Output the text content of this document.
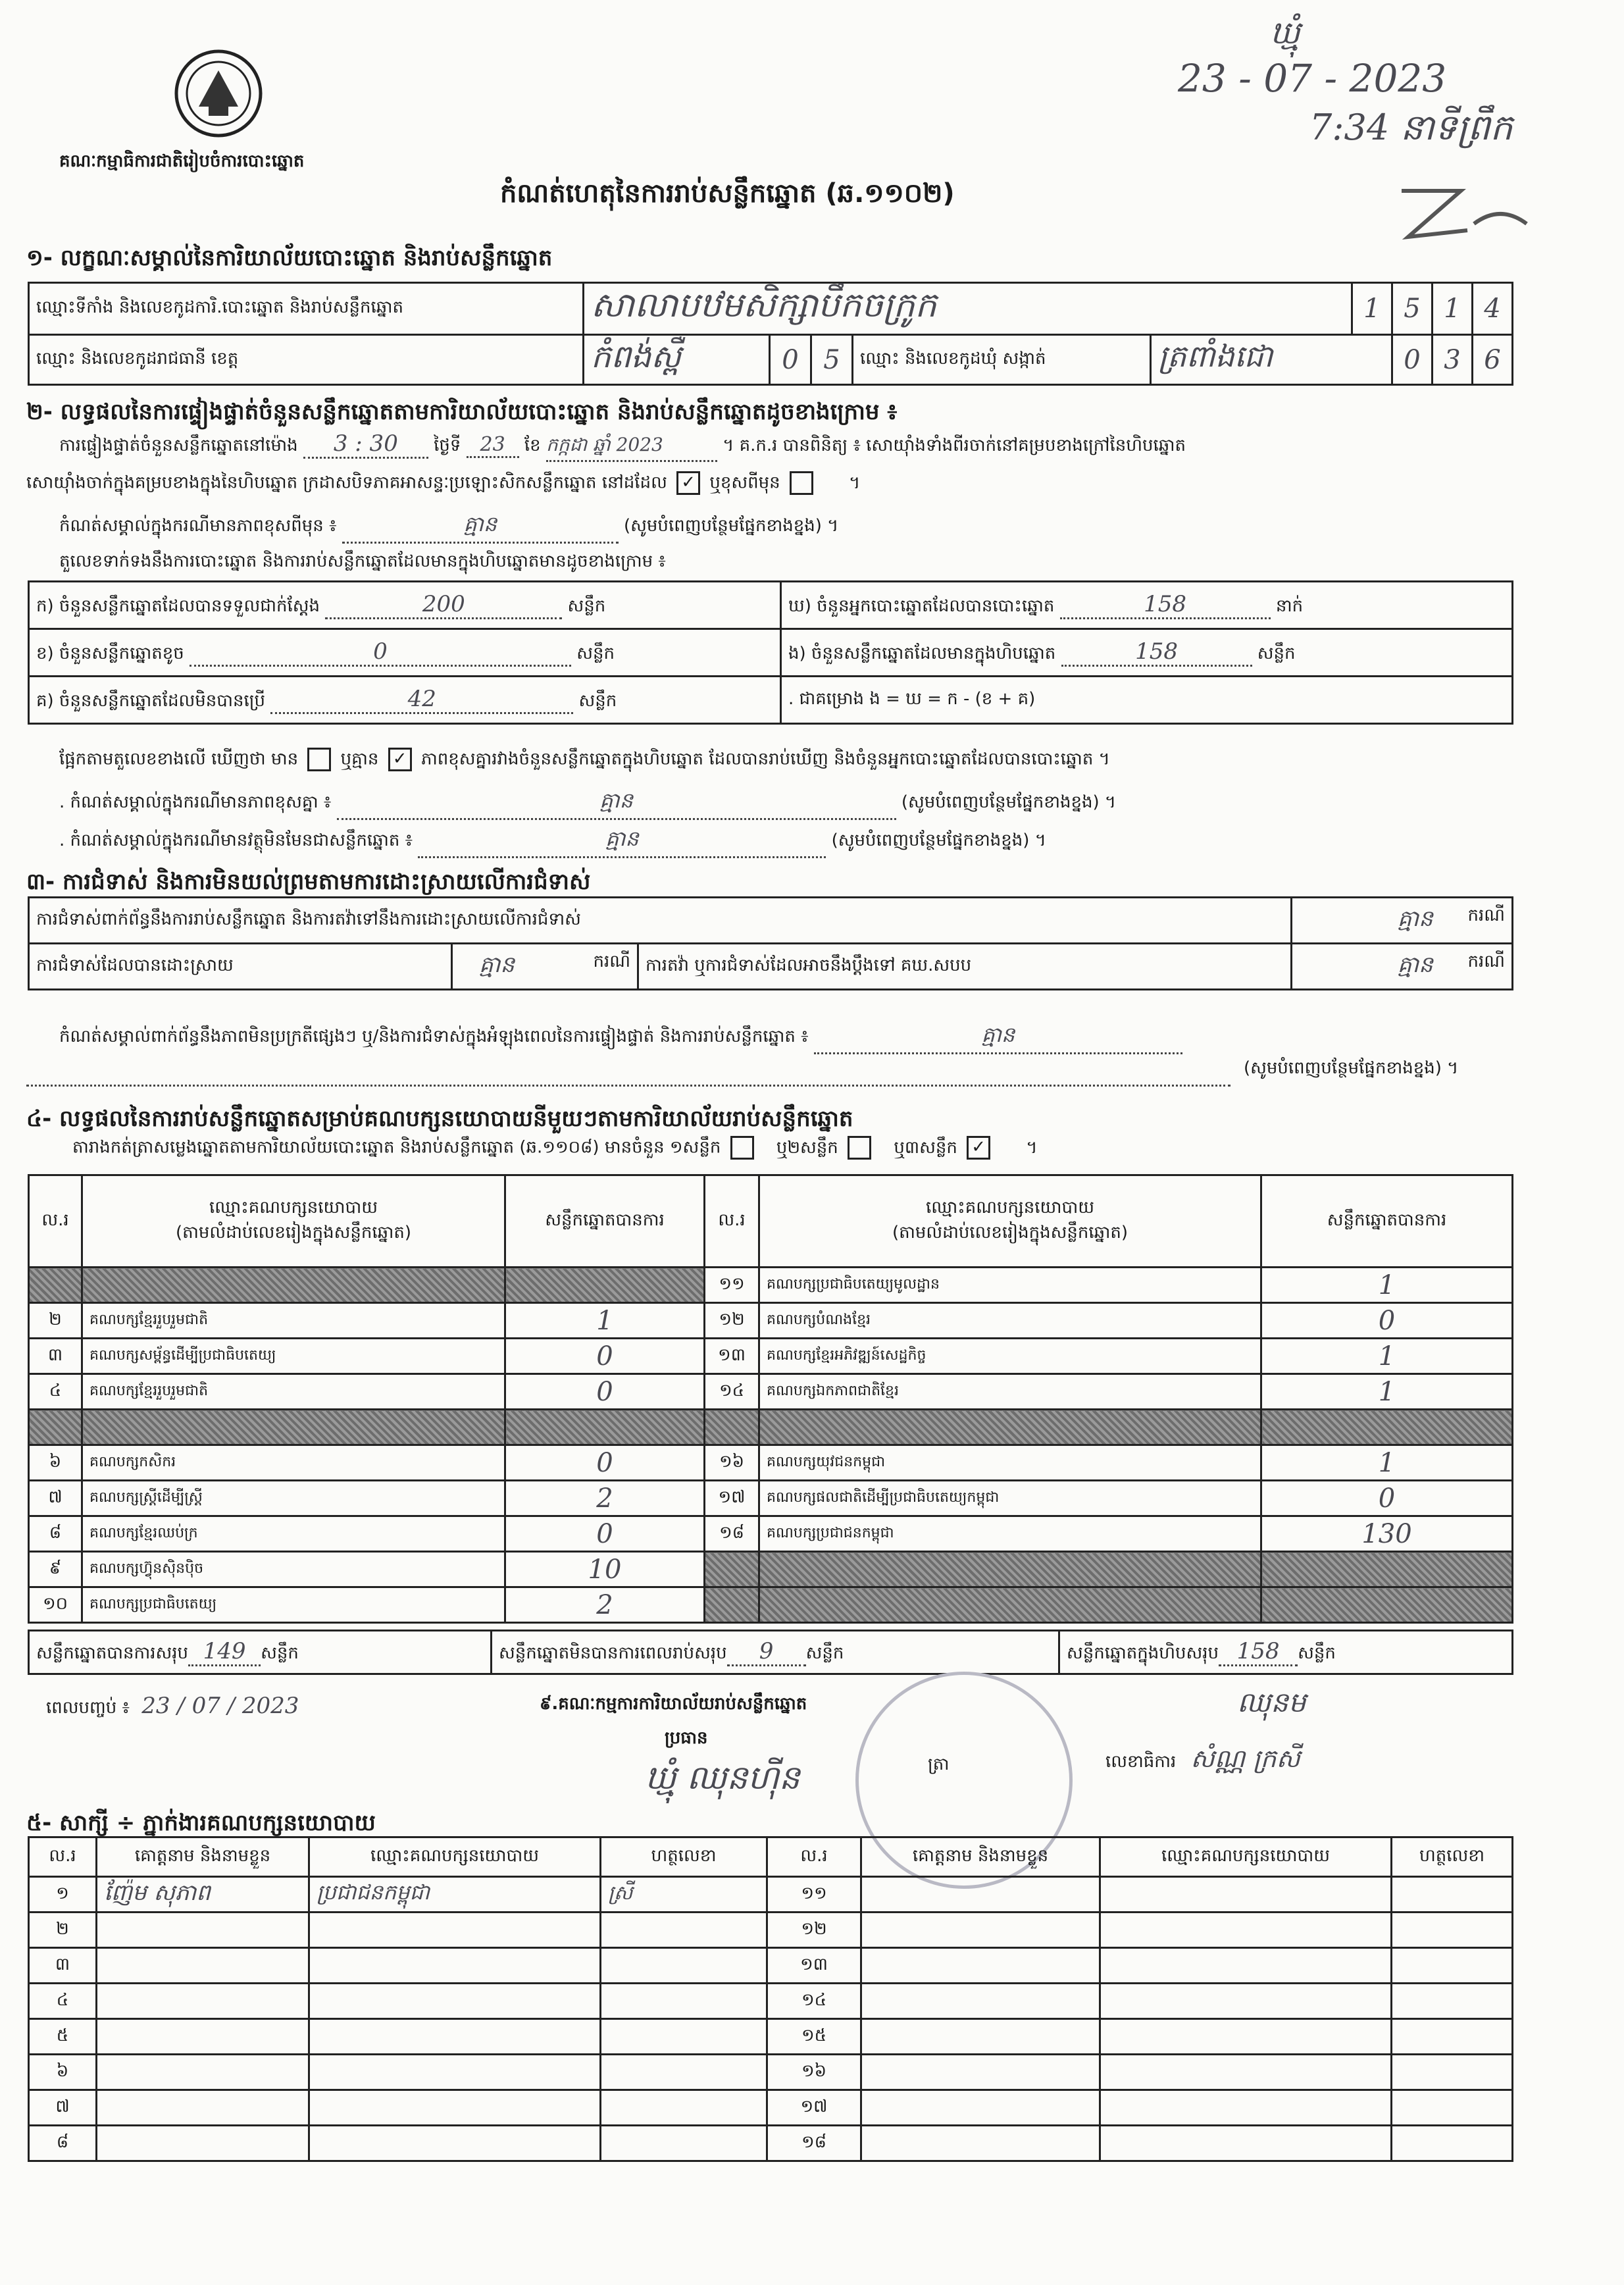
គណៈកម្មាធិការជាតិរៀបចំការបោះឆ្នោត
ឃ្មុំ
23 - 07 - 2023
7:34 នាទីព្រឹក
កំណត់ហេតុនៃការរាប់សន្លឹកឆ្នោត (ឆ.១១០២)
១- លក្ខណៈសម្គាល់នៃការិយាល័យបោះឆ្នោត និងរាប់សន្លឹកឆ្នោត
ឈ្មោះទីកាំង និងលេខកូដការិ.បោះឆ្នោត និងរាប់សន្លឹកឆ្នោត	សាលាបឋមសិក្សាបឹកចក្រូក					1	5	1	4
ឈ្មោះ និងលេខកូដរាជធានី ខេត្ត	កំពង់ស្ពឺ	0	5	ឈ្មោះ និងលេខកូដឃុំ សង្កាត់	ត្រពាំងជោ		0	3	6
២- លទ្ធផលនៃការផ្ទៀងផ្ទាត់ចំនួនសន្លឹកឆ្នោតតាមការិយាល័យបោះឆ្នោត និងរាប់សន្លឹកឆ្នោតដូចខាងក្រោម ៖
ការផ្ទៀងផ្ទាត់ចំនួនសន្លឹកឆ្នោតនៅម៉ោង 3 : 30 ថ្ងៃទី 23 ខែ កក្កដា ឆ្នាំ 2023	។ គ.ក.រ បានពិនិត្យ ៖ សោយ៉ាំងទាំងពីរចាក់នៅគម្របខាងក្រៅនៃហិបឆ្នោត
សោយ៉ាំងចាក់ក្នុងគម្របខាងក្នុងនៃហិបឆ្នោត ក្រដាសបិទភាគអាសន្ទៈប្រឡោះសិកសន្លឹកឆ្នោត នៅដដែល ✓ ឬខុសពីមុន	។
កំណត់សម្គាល់ក្នុងករណីមានភាពខុសពីមុន ៖	គ្មាន	(សូមបំពេញបន្ថែមផ្នែកខាងខ្នង) ។
តួលេខទាក់ទងនឹងការបោះឆ្នោត និងការរាប់សន្លឹកឆ្នោតដែលមានក្នុងហិបឆ្នោតមានដូចខាងក្រោម ៖
ក) ចំនួនសន្លឹកឆ្នោតដែលបានទទួលជាក់ស្តែង 200 សន្លឹក	ឃ) ចំនួនអ្នកបោះឆ្នោតដែលបានបោះឆ្នោត 158 នាក់
ខ) ចំនួនសន្លឹកឆ្នោតខូច 0 សន្លឹក	ង) ចំនួនសន្លឹកឆ្នោតដែលមានក្នុងហិបឆ្នោត 158 សន្លឹក
គ) ចំនួនសន្លឹកឆ្នោតដែលមិនបានប្រើ 42 សន្លឹក	. ជាគម្រោង ង = ឃ = ក - (ខ + គ)
ផ្អែកតាមតួលេខខាងលើ ឃើញថា មាន ឬគ្មាន ✓ ភាពខុសគ្នារវាងចំនួនសន្លឹកឆ្នោតក្នុងហិបឆ្នោត ដែលបានរាប់ឃើញ និងចំនួនអ្នកបោះឆ្នោតដែលបានបោះឆ្នោត ។
. កំណត់សម្គាល់ក្នុងករណីមានភាពខុសគ្នា ៖	គ្មាន	(សូមបំពេញបន្ថែមផ្នែកខាងខ្នង) ។
. កំណត់សម្គាល់ក្នុងករណីមានវត្ថុមិនមែនជាសន្លឹកឆ្នោត ៖	គ្មាន	(សូមបំពេញបន្ថែមផ្នែកខាងខ្នង) ។
៣- ការជំទាស់ និងការមិនយល់ព្រមតាមការដោះស្រាយលើការជំទាស់
ការជំទាស់ពាក់ព័ន្ធនឹងការរាប់សន្លឹកឆ្នោត និងការតវ៉ាទៅនឹងការដោះស្រាយលើការជំទាស់			គ្មាន ករណី

ការជំទាស់ដែលបានដោះស្រាយ	គ្មាន ករណី	ការតវ៉ា ឬការជំទាស់ដែលអាចនឹងប្តឹងទៅ គឃ.សបប	គ្មាន ករណី
កំណត់សម្គាល់ពាក់ព័ន្ធនឹងភាពមិនប្រក្រតីផ្សេងៗ ឬ/និងការជំទាស់ក្នុងអំឡុងពេលនៃការផ្ទៀងផ្ទាត់ និងការរាប់សន្លឹកឆ្នោត ៖	គ្មាន
(សូមបំពេញបន្ថែមផ្នែកខាងខ្នង) ។
៤- លទ្ធផលនៃការរាប់សន្លឹកឆ្នោតសម្រាប់គណបក្សនយោបាយនីមួយៗតាមការិយាល័យរាប់សន្លឹកឆ្នោត
តារាងកត់ត្រាសម្លេងឆ្នោតតាមការិយាល័យបោះឆ្នោត និងរាប់សន្លឹកឆ្នោត (ឆ.១១០៨) មានចំនួន ១សន្លឹក	ឬ២សន្លឹក	ឬ៣សន្លឹក ✓ ។
ល.រ	ឈ្មោះគណបក្សនយោបាយ
(តាមលំដាប់លេខរៀងក្នុងសន្លឹកឆ្នោត)	សន្លឹកឆ្នោតបានការ	ល.រ	ឈ្មោះគណបក្សនយោបាយ
(តាមលំដាប់លេខរៀងក្នុងសន្លឹកឆ្នោត)	សន្លឹកឆ្នោតបានការ
			១១	គណបក្សប្រជាធិបតេយ្យមូលដ្ឋាន	1
២	គណបក្សខ្មែររួបរួមជាតិ	1	១២	គណបក្សបំណងខ្មែរ	0
៣	គណបក្សសម្ព័ន្ធដើម្បីប្រជាធិបតេយ្យ	0	១៣	គណបក្សខ្មែរអភិវឌ្ឍន៍សេដ្ឋកិច្ច	1
៤	គណបក្សខ្មែររួបរួមជាតិ	0	១៤	គណបក្សឯកភាពជាតិខ្មែរ	1

៦	គណបក្សកសិករ	0	១៦	គណបក្សយុវជនកម្ពុជា	1
៧	គណបក្សស្ត្រីដើម្បីស្ត្រី	2	១៧	គណបក្សផលជាតិដើម្បីប្រជាធិបតេយ្យកម្ពុជា	0
៨	គណបក្សខ្មែរឈប់ក្រ	0	១៨	គណបក្សប្រជាជនកម្ពុជា	130
៩	គណបក្សហ៊្វុនស៊ិនប៉ិច	10			
១០	គណបក្សប្រជាធិបតេយ្យ	2			
សន្លឹកឆ្នោតបានការសរុប 149 សន្លឹក	សន្លឹកឆ្នោតមិនបានការពេលរាប់សរុប 9 សន្លឹក	សន្លឹកឆ្នោតក្នុងហិបសរុប 158 សន្លឹក
ពេលបញ្ចប់ ៖ 23 / 07 / 2023	៩.គណៈកម្មការការិយាល័យរាប់សន្លឹកឆ្នោត	ឈុនម
ប្រធាន
ឃ្មុំ ឈុនហ៊ីន	ត្រា	លេខាធិការ សំណ្ណ ក្រសី
៥- សាក្សី ÷ ភ្នាក់ងារគណបក្សនយោបាយ
ល.រ	គោត្តនាម និងនាមខ្លួន	ឈ្មោះគណបក្សនយោបាយ	ហត្ថលេខា	ល.រ	គោត្តនាម និងនាមខ្លួន	ឈ្មោះគណបក្សនយោបាយ	ហត្ថលេខា
១	ញ៉ែម សុភាព	ប្រជាជនកម្ពុជា	ស្រី	១១			
២				១២			
៣				១៣			
៤				១៤			
៥				១៥			
៦				១៦			
៧				១៧			
៨				១៨			
